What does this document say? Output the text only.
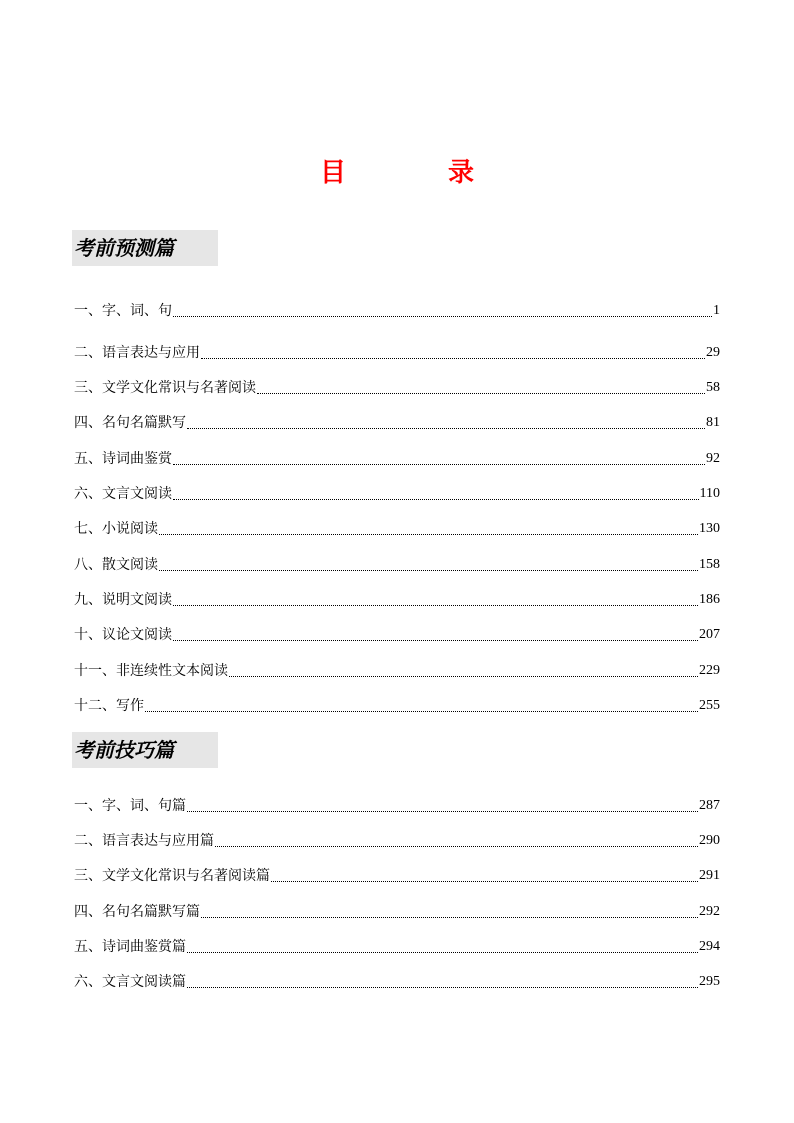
目　录
考前预测篇
考前技巧篇
一、字、词、句	1
二、语言表达与应用	29
三、文学文化常识与名著阅读	58
四、名句名篇默写	81
五、诗词曲鉴赏	92
六、文言文阅读	110
七、小说阅读	130
八、散文阅读	158
九、说明文阅读	186
十、议论文阅读	207
十一、非连续性文本阅读	229
十二、写作	255
一、字、词、句篇	287
二、语言表达与应用篇	290
三、文学文化常识与名著阅读篇	291
四、名句名篇默写篇	292
五、诗词曲鉴赏篇	294
六、文言文阅读篇	295
